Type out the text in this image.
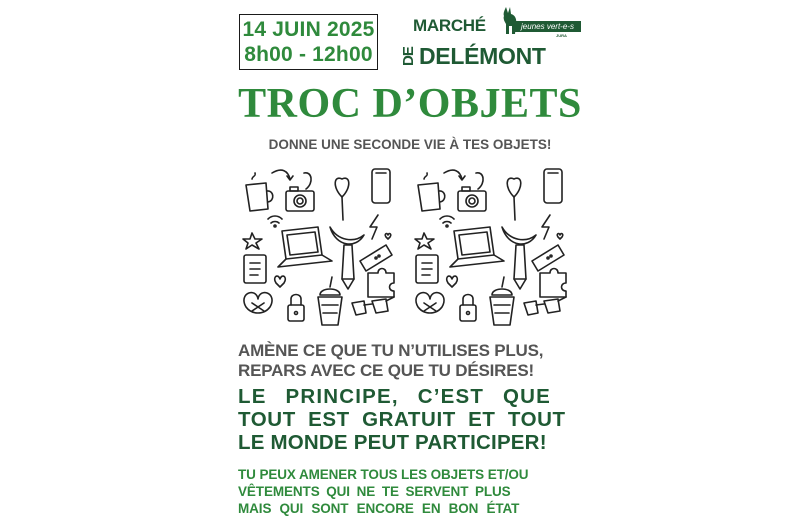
14 JUIN 2025
8h00 - 12h00
MARCHÉ
DE DELÉMONT
jeunes vert-e-s
JURA
TROC D’OBJETS
DONNE UNE SECONDE VIE À TES OBJETS!
AMÈNE CE QUE TU N’UTILISES PLUS,
REPARS AVEC CE QUE TU DÉSIRES!
LE PRINCIPE, C’EST QUE
TOUT EST GRATUIT ET TOUT
LE MONDE PEUT PARTICIPER!
TU PEUX AMENER TOUS LES OBJETS ET/OU
VÊTEMENTS QUI NE TE SERVENT PLUS
MAIS QUI SONT ENCORE EN BON ÉTAT
